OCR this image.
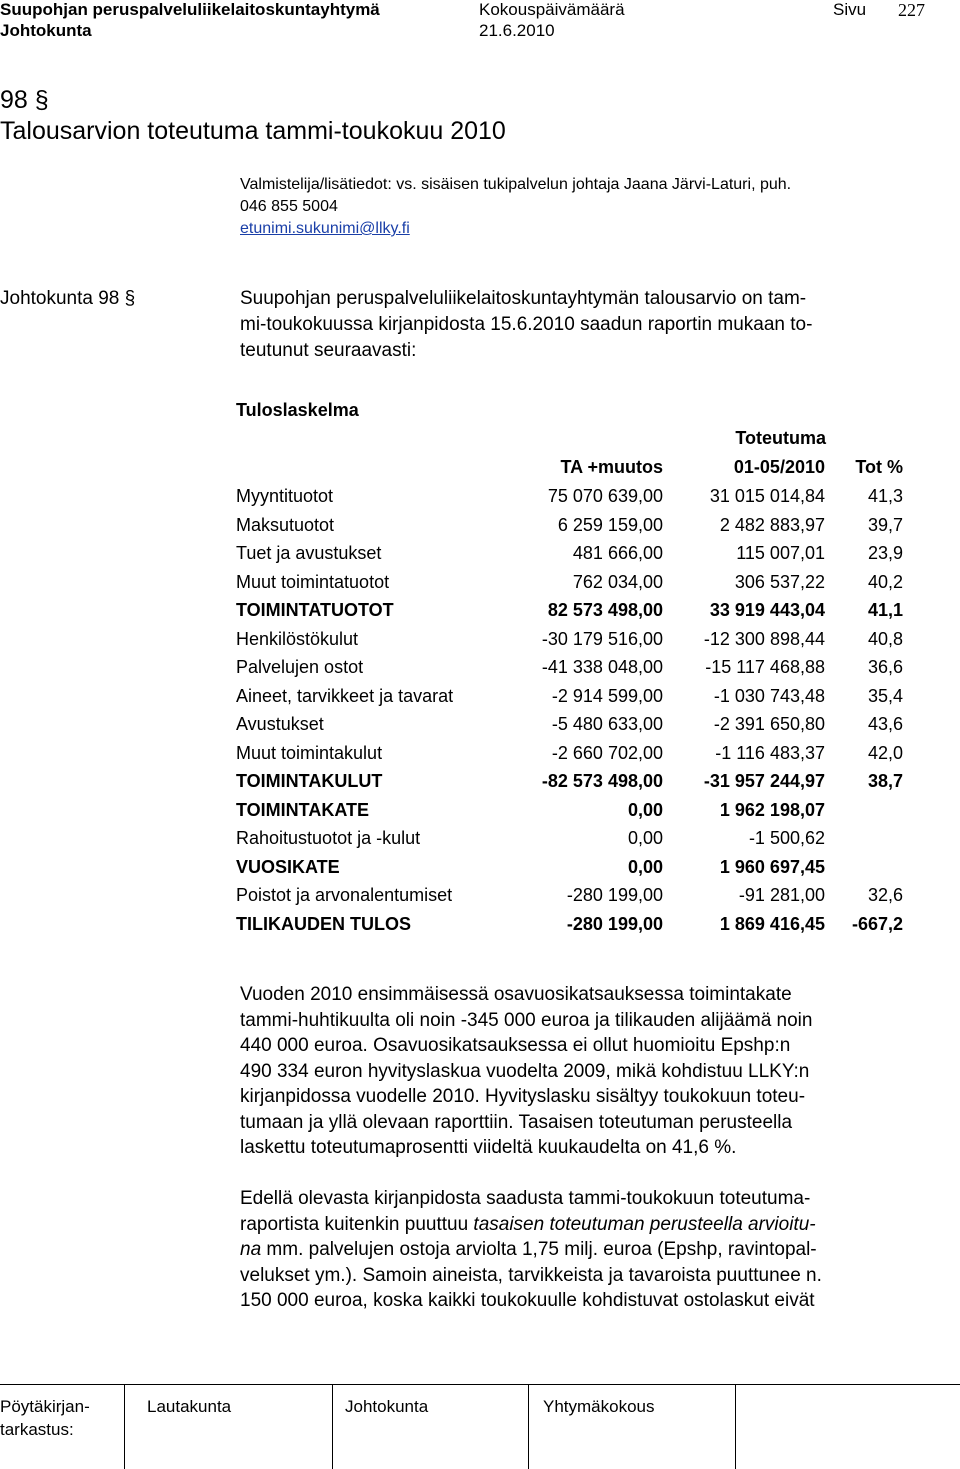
Suupohjan peruspalveluliikelaitoskuntayhtymä	Kokouspäivämäärä	Sivu 227
Johtokunta	21.6.2010
98 §
Talousarvion toteutuma tammi-toukokuu 2010
Valmistelija/lisätiedot: vs. sisäisen tukipalvelun johtaja Jaana Järvi-Laturi, puh.
046 855 5004
etunimi.sukunimi@llky.fi
Johtokunta 98 §	Suupohjan peruspalveluliikelaitoskuntayhtymän talousarvio on tam-
mi-toukokuussa kirjanpidosta 15.6.2010 saadun raportin mukaan to-
teutunut seuraavasti:
Tuloslaskelma
Toteutuma
TA +muutos	01-05/2010 Tot %
Myyntituotot	75 070 639,00	31 015 014,84 41,3
Maksutuotot	6 259 159,00	2 482 883,97 39,7
Tuet ja avustukset	481 666,00	115 007,01 23,9
Muut toimintatuotot	762 034,00	306 537,22 40,2
TOIMINTATUOTOT	82 573 498,00	33 919 443,04 41,1
Henkilöstökulut	-30 179 516,00 -12 300 898,44 40,8
Palvelujen ostot	-41 338 048,00 -15 117 468,88 36,6
Aineet, tarvikkeet ja tavarat	-2 914 599,00	-1 030 743,48 35,4
Avustukset	-5 480 633,00	-2 391 650,80 43,6
Muut toimintakulut	-2 660 702,00	-1 116 483,37 42,0
TOIMINTAKULUT	-82 573 498,00 -31 957 244,97 38,7
TOIMINTAKATE	0,00	1 962 198,07
Rahoitustuotot ja -kulut	0,00	-1 500,62
VUOSIKATE	0,00	1 960 697,45
Poistot ja arvonalentumiset	-280 199,00	-91 281,00 32,6
TILIKAUDEN TULOS	-280 199,00	1 869 416,45 -667,2

Vuoden 2010 ensimmäisessä osavuosikatsauksessa toimintakate

tammi-huhtikuulta oli noin -345 000 euroa ja tilikauden alijäämä noin

440 000 euroa. Osavuosikatsauksessa ei ollut huomioitu Epshp:n

490 334 euron hyvityslaskua vuodelta 2009, mikä kohdistuu LLKY:n

kirjanpidossa vuodelle 2010. Hyvityslasku sisältyy toukokuun toteu-

tumaan ja yllä olevaan raporttiin. Tasaisen toteutuman perusteella

laskettu toteutumaprosentti viideltä kuukaudelta on 41,6 %.

Edellä olevasta kirjanpidosta saadusta tammi-toukokuun toteutuma-

raportista kuitenkin puuttuu tasaisen toteutuman perusteella arvioitu-

na mm. palvelujen ostoja arviolta 1,75 milj. euroa (Epshp, ravintopal-

velukset ym.). Samoin aineista, tarvikkeista ja tavaroista puuttunee n.

150 000 euroa, koska kaikki toukokuulle kohdistuvat ostolaskut eivät

Pöytäkirjan-
tarkastus:
Lautakunta	Johtokunta	Yhtymäkokous
